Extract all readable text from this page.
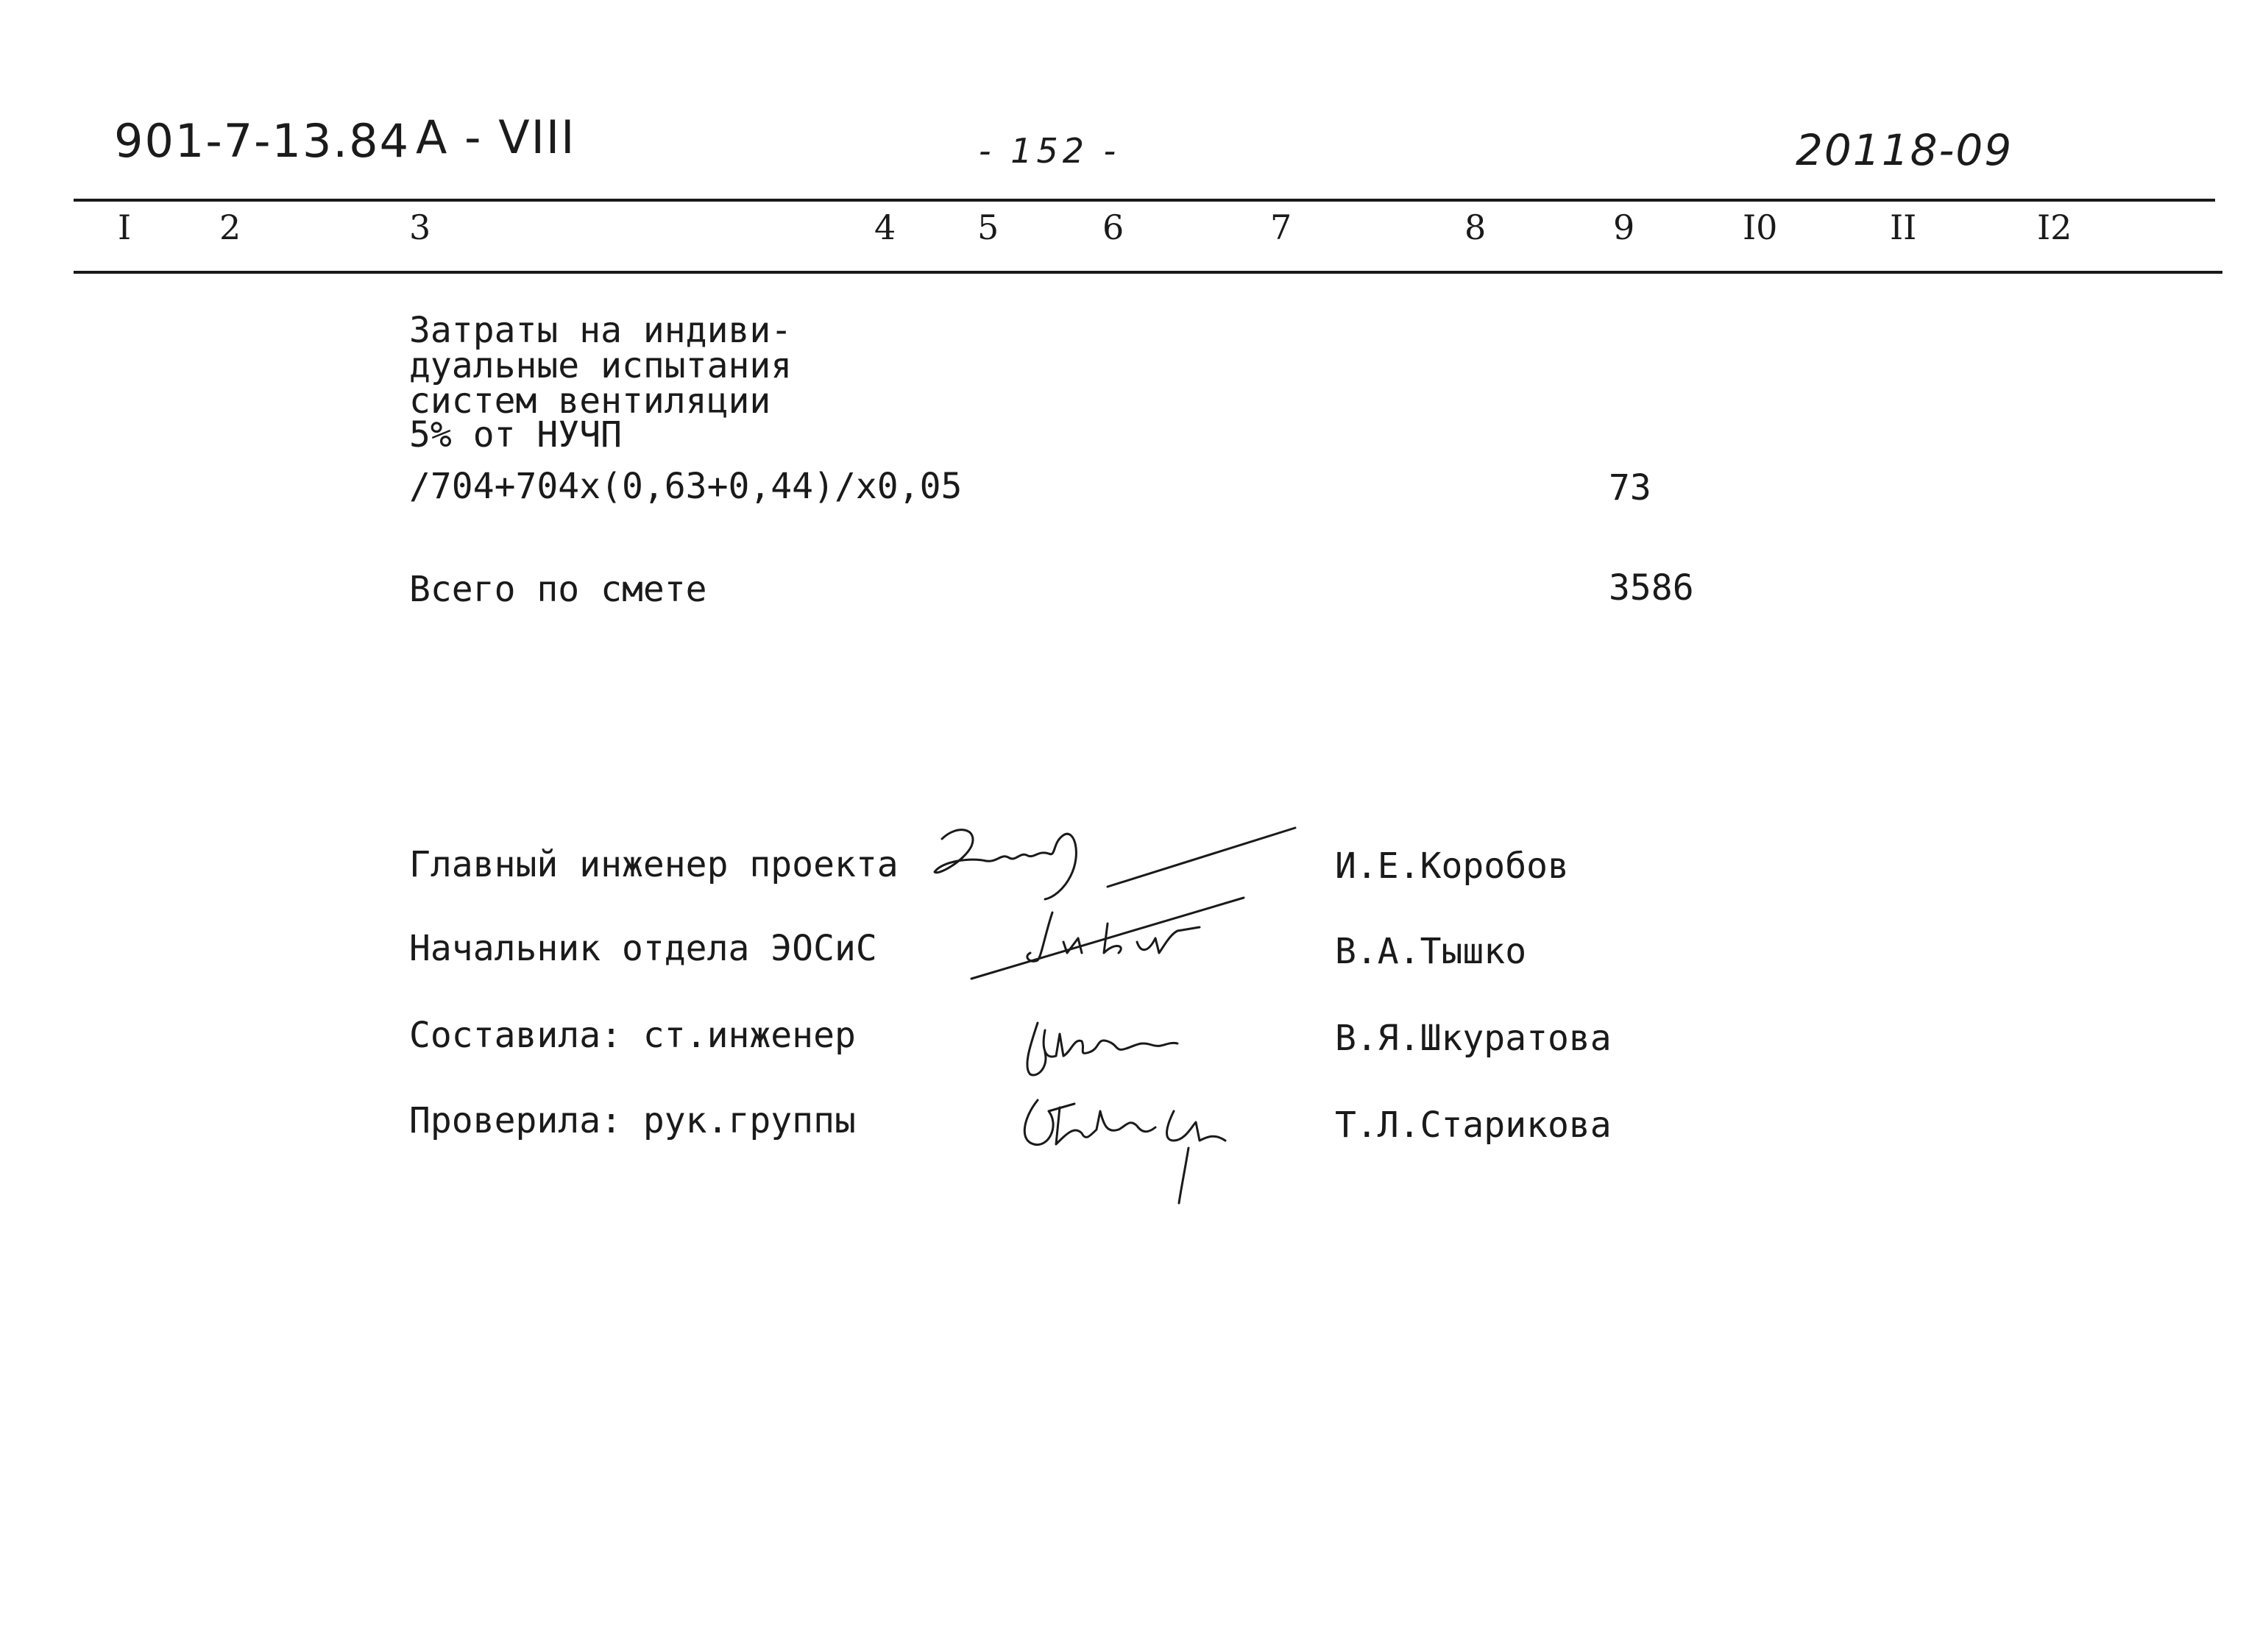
901-7-13.84 А - VIII	- 152 -	20118-09
I	2	3	4 5	6	7	8	9	I0	II	I2
Затраты на индиви-
дуальные испытания
систем вентиляции
5% от НУЧП
/704+704x(0,63+0,44)/x0,05	73
Всего по смете	3586
Главный инженер проекта	И.Е.Коробов
Начальник отдела ЭОСиС	В.А.Тышко
Составила: ст.инженер	В.Я.Шкуратова
Проверила: рук.группы	Т.Л.Старикова
